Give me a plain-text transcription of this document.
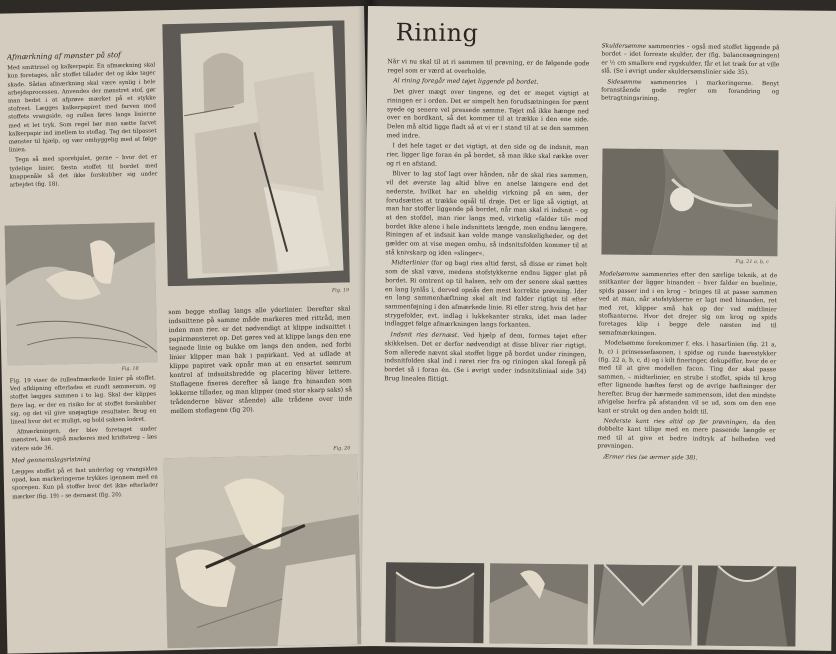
Afmærkning af mønster på stof

Med smittrisel og kalkerpapir. En afmærkning skal kun foretages, når stoffet tillader det og ikke tager skade. Sådan afmærkning skal være synlig i hele arbejdsprocessen. Anvendes der mønstret stof, gør man bedst i at afprøve mærket på et stykke stofrest. Lægges kalkerpapiret med farven mod stoffets vrangside, og rullen føres langs linierne med et let tryk. Som regel bør man sætte farvet kalkerpapir ind imellem to stoflag. Tag det tilpasset mønster til hjælp, og vær omhyggelig med at følge linien.

Tegn så med sporehjulet, gerne – hvor det er tydelige linier, fæstn stoffet til bordet med knappenåle så det ikke forskubber sig under arbejdet (fig. 18).

Fig. 18

Fig. 19 viser de rulleafmærkede linier på stoffet. Ved afklipning efterlades et rundt sømmerum, og stoffet lægges sammen i to lag. Skal der klippes flere lag, er der en risiko for at stoffet forskubber sig, og det vil give unøjagtige resultater. Brug en lineal hvor det er muligt, og hold saksen lodret.

Afmærkningen, der blev foretaget under mønstret, kan også markeres med kridtstreg – læs videre side 36.

Med gennemslagsristning

Lægges stoffet på et fast underlag og vrangsiden opad, kan markeringerne trykkes igennem med en sporepen. Kun på stoffer hvor det ikke efterlader mærker (fig. 19) – se dernæst (fig. 20).

Fig. 19

som begge stoflag langs alle yderlinier. Derefter skal indsnittene på samme måde markeres med rittråd, men inden man rier, er det nødvendigt at klippe indsnittet i papirmønsteret op. Det gøres ved at klippe langs den ene tegnede linie og bukke om langs den anden, ned forbi linier klipper man hak i papirkant. Ved at udlade at klippe papiret væk opnår man at en ensartet sømrum kontrol af indsnitsbredde og placering bliver lettere. Stoflagene fixeres derefter så lange fra hinanden som lokkerne tillader, og man klipper (med stor skarp saks) så trådenderne bliver stående) alle trådene over inde mellem stoflagene (fig 20).

Fig. 20
Rining

Når vi nu skal til at ri sammen til prøvning, er de følgende gode regel som er værd at overholde.

Al rining foregår med tøjet liggende på bordet.

Det giver mægt over tingene, og det er meget vigtigt at riningen er i orden. Det er simpelt hen forudsætningen for pænt syede og senere vel pressede sømme. Tøjet må ikke hænge ned over en bordkant, så det kommer til at trække i den ene side. Delen må altid ligge fladt så at vi er i stand til at se den sammen med indre.

I det hele taget er det vigtigt, at den side og de indsnit, man rier, ligger lige foran én på bordet, så man ikke skal række over og ri en afstand.

Bliver to lag stof lagt over hånden, når de skal ries sammen, vil det øverste lag altid blive en anelse længere end det nederste, hvilket har en uheldig virkning på en søm, der forudsættes at trække ogsål til drøje. Det er lige så vigtigt, at man har stoffer liggende på bordet, når man skal ri indsnit – og at den stofdel, man rier langs med, virkelig »falder til« mod bordet ikke alene i hele indsnittets længde, men endnu længere. Riningen af et indsnit kan volde mange vanskeligheder, og det gælder om at vise megen omhu, så indsnitsfolden kommer til at stå knivskarp og iden »slinger«.

Midterlinier (for og bag) ries altid først, så disse er rimet holt som de skal væve, medens stofstykkerne endnu ligger glat på bordet. Ri omtrent op til halsen, selv om der senere skal sættes en lang lynlås i, derved opnås den mest korrekte prøvning. Ider en lang sammenhæftning skal alt ind falder rigtigt til efter sammenføjning i den afmærkede linie. Ri eller streg, hvis det har strygefolder, evt. indlag i lukkekanter straks, idet man lader indlagget følge afmærkningen langs forkanten.

Indsnit ries dernæst. Ved hjælp af dem, formes tøjet efter skikkelsen. Det er derfor nødvendigt at disse bliver rier rigtigt. Som allerede nævnt skal stoffet ligge på bordet under riningen, indsnitfolden skal ind i røret rier fra og riningen skal foregå på bordet så i foran én. (Se i øvrigt under indsnitsliniaal side 34) Brug linealen flittigt.

Skuldersømme sammenries – også med stoffet liggende på bordet – idet forreste skulder, der (fig. balancesøgningen) er ½ cm smallere end rygskulder, får et let træk for at ville slå. (Se i øvrigt under skuldersømslinier side 35).

Sidesømme sammenries i markeringerne. Benyt foranstående gode regler om forandring og betragtningsrining.

Fig. 21 a, b, c

Modelsømme sammenries efter den særlige teknik, at de snitkanter der ligger hinanden – hver falder en buelinie, spids passer ind i en krog – bringes til at passe sammen ved at man, når stofstykkerne er lagt med hinanden, ret med ret, klipper små hak op der ved midtlinier stofkanterne. Hvor det drejer sig om krog og spids foretages klip i begge dele næsten ind til sømafmærkningen.

Modelsømme forekommer f. eks. i hasarlinien (fig. 21 a, b, c) i prinsessefasonen, i spidse og runde bærestykker (fig. 22 a, b, c, d) og i kilt fineringer, dekupéffer, hvor de er med til at give modellen facon. Ting der skal passe sammen, – midterlinier, en strube i stoffet, spids til krog efter lignende hæftes først og de øvrige hæftninger der herefter. Brug der hærmede sammensom, idet den mindste afvigelse herfra på afstanden vil se ud, som om den ene kant er strukt og den anden holdt til.

Nederste kant ries altid op før prøvningen, da den dobbelte kant tillige med en mere passende længde er med til at give et bedre indtryk af helheden ved prøvningen.

Ærmer ries (se ærmer side 38).
